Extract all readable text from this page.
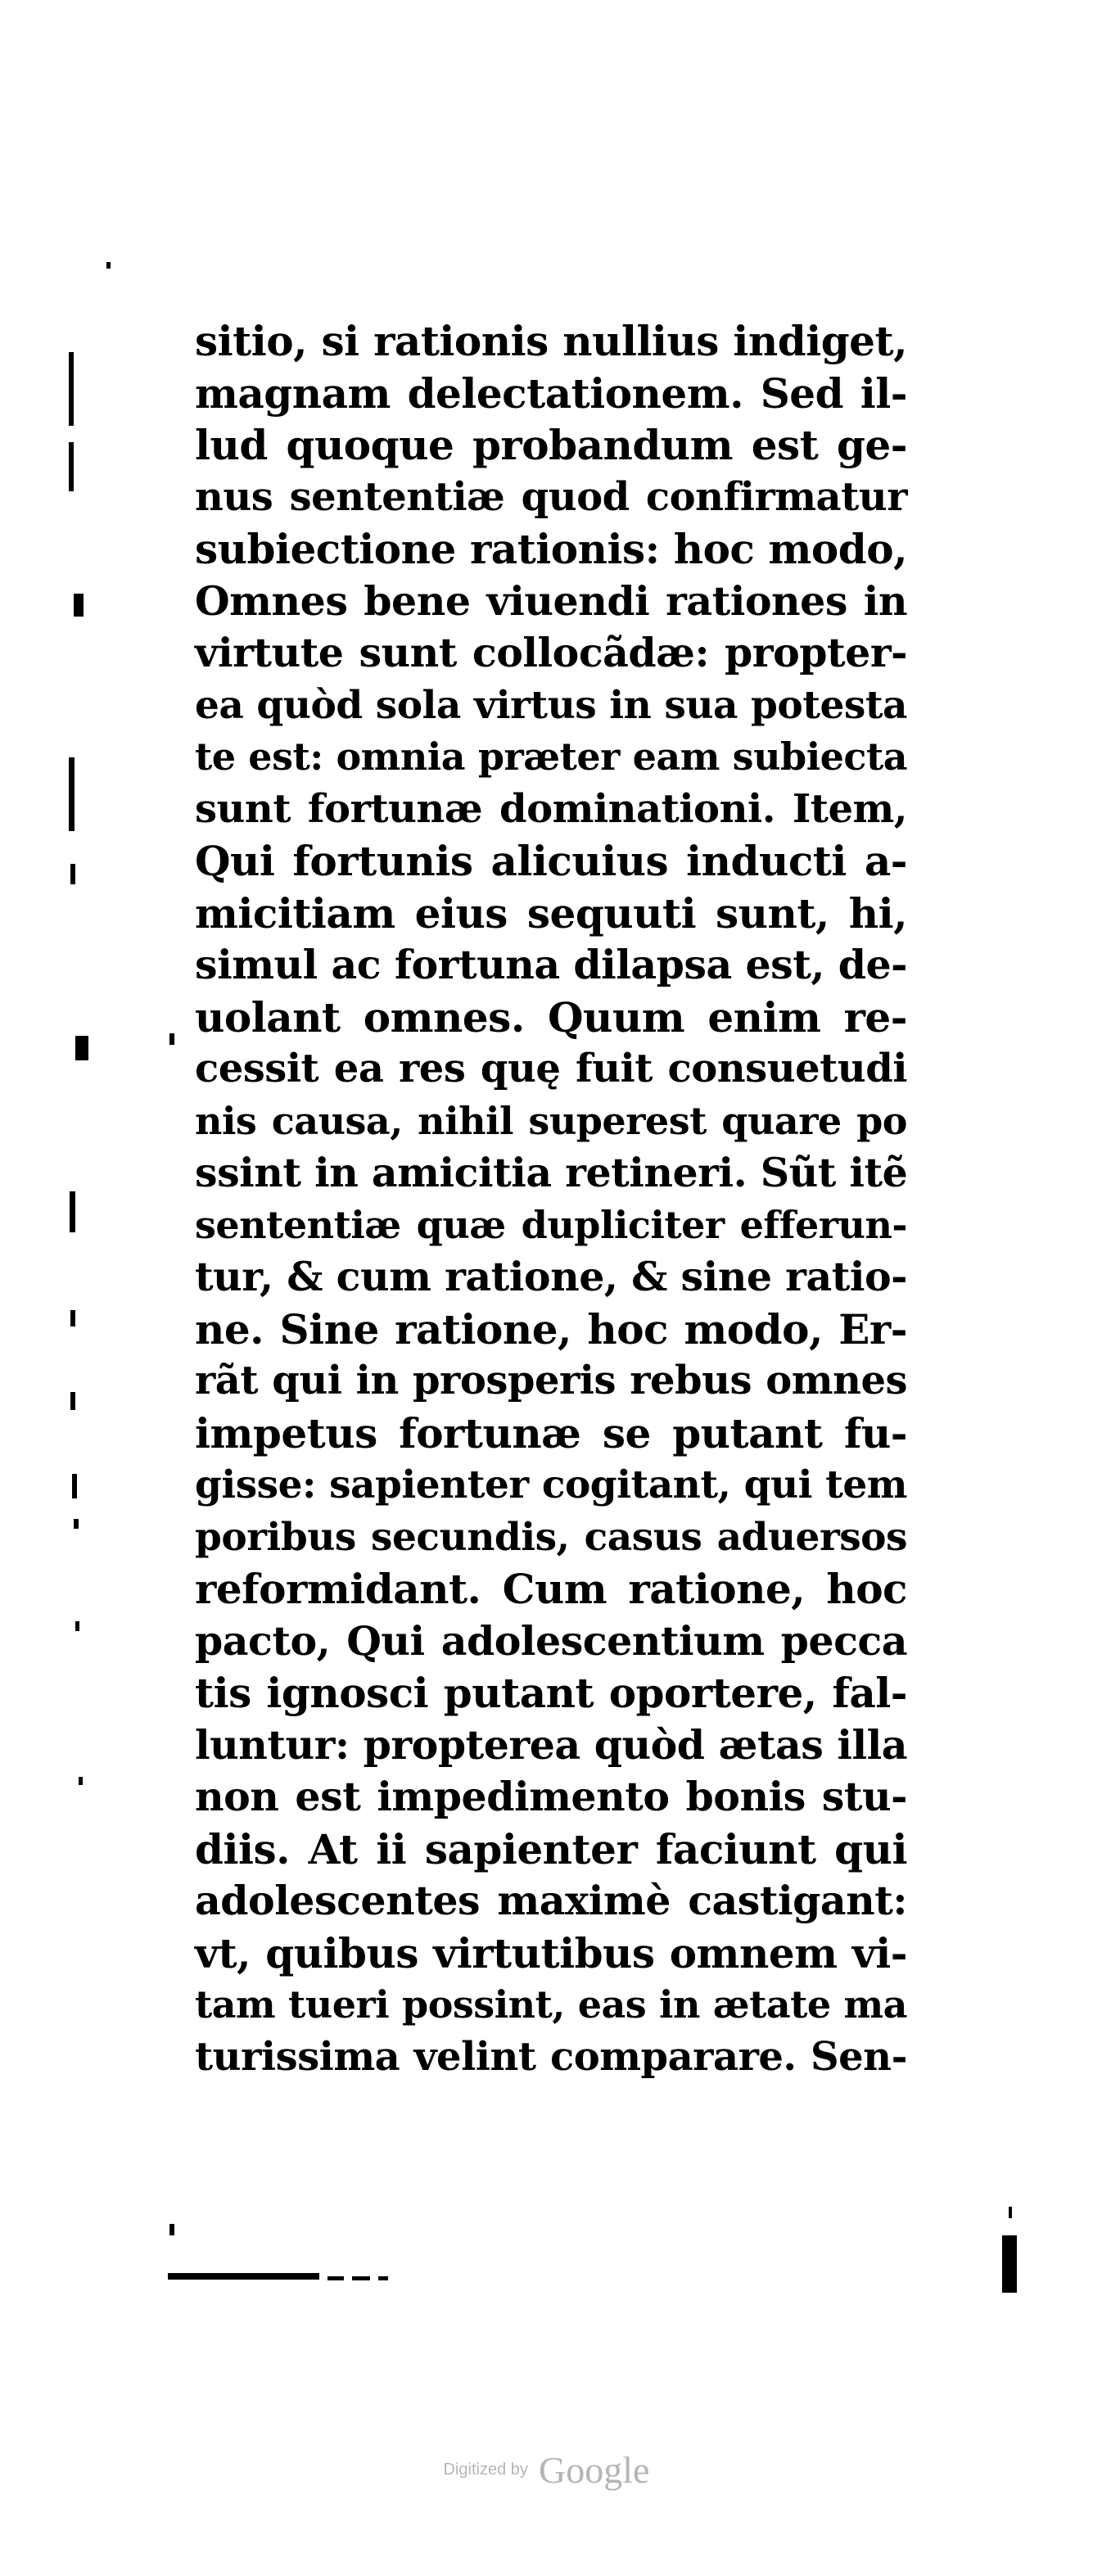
sitio, si rationis nullius indiget,
magnam delectationem. Sed il-
lud quoque probandum est ge-
nus sententiæ quod confirmatur
subiectione rationis: hoc modo,
Omnes bene viuendi rationes in
virtute sunt collocãdæ: propter-
ea quòd sola virtus in sua potesta
te est: omnia præter eam subiecta
sunt fortunæ dominationi. Item,
Qui fortunis alicuius inducti a-
micitiam eius sequuti sunt, hi,
simul ac fortuna dilapsa est, de-
uolant omnes. Quum enim re-
cessit ea res quę fuit consuetudi
nis causa, nihil superest quare po
ssint in amicitia retineri. Sũt itẽ
sententiæ quæ dupliciter efferun-
tur, & cum ratione, & sine ratio-
ne. Sine ratione, hoc modo, Er-
rãt qui in prosperis rebus omnes
impetus fortunæ se putant fu-
gisse: sapienter cogitant, qui tem
poribus secundis, casus aduersos
reformidant. Cum ratione, hoc
pacto, Qui adolescentium pecca
tis ignosci putant oportere, fal-
luntur: propterea quòd ætas illa
non est impedimento bonis stu-
diis. At ii sapienter faciunt qui
adolescentes maximè castigant:
vt, quibus virtutibus omnem vi-
tam tueri possint, eas in ætate ma
turissima velint comparare. Sen-
Digitized by Google
